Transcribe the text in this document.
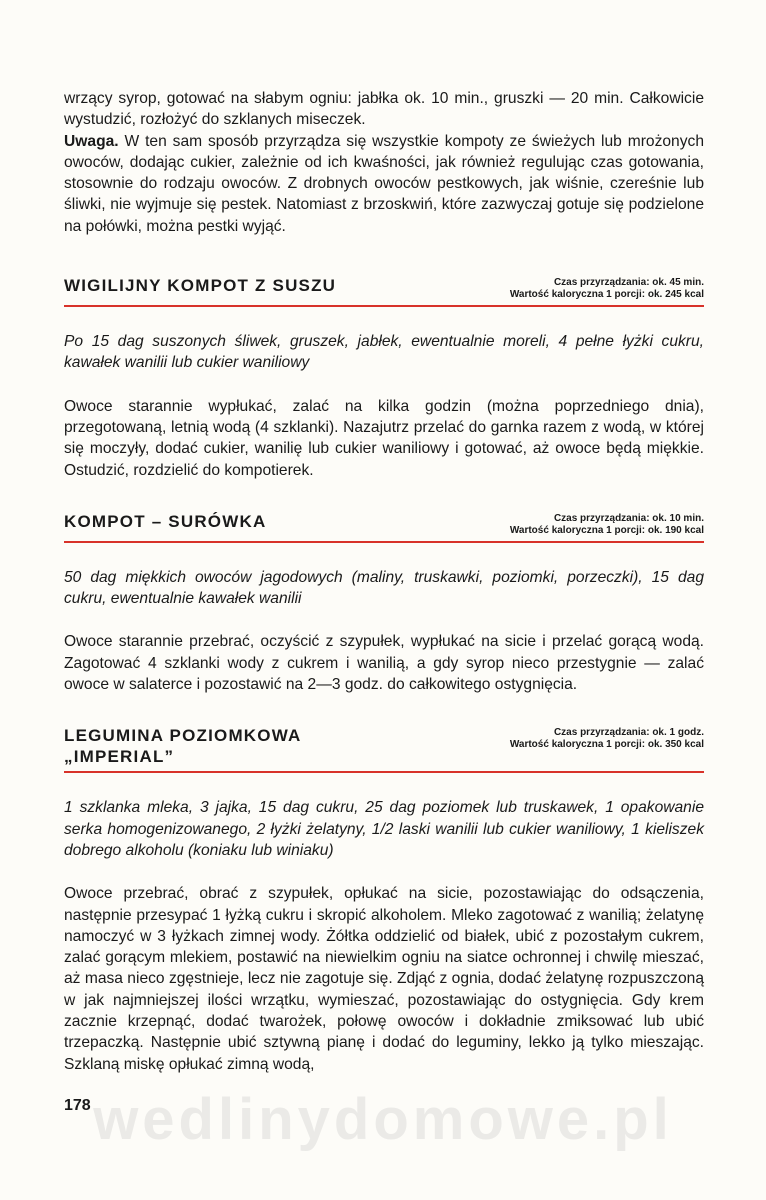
wedlinydomowe.pl

wrzący syrop, gotować na słabym ogniu: jabłka ok. 10 min., gruszki — 20 min. Całkowicie wystudzić, rozłożyć do szklanych miseczek.

Uwaga. W ten sam sposób przyrządza się wszystkie kompoty ze świeżych lub mrożonych owoców, dodając cukier, zależnie od ich kwaśności, jak również regulując czas gotowania, stosownie do rodzaju owoców. Z drobnych owoców pestkowych, jak wiśnie, czereśnie lub śliwki, nie wyjmuje się pestek. Natomiast z brzoskwiń, które zazwyczaj gotuje się podzielone na połówki, można pestki wyjąć.

WIGILIJNY KOMPOT Z SUSZU	Czas przyrządzania: ok. 45 min.
Wartość kaloryczna 1 porcji: ok. 245 kcal

Po 15 dag suszonych śliwek, gruszek, jabłek, ewentualnie moreli, 4 pełne łyżki cukru, kawałek wanilii lub cukier waniliowy

Owoce starannie wypłukać, zalać na kilka godzin (można poprzedniego dnia), przegotowaną, letnią wodą (4 szklanki). Nazajutrz przelać do garnka razem z wodą, w której się moczyły, dodać cukier, wanilię lub cukier waniliowy i gotować, aż owoce będą miękkie. Ostudzić, rozdzielić do kompotierek.

KOMPOT – SURÓWKA	Czas przyrządzania: ok. 10 min.
Wartość kaloryczna 1 porcji: ok. 190 kcal

50 dag miękkich owoców jagodowych (maliny, truskawki, poziomki, porzeczki), 15 dag cukru, ewentualnie kawałek wanilii

Owoce starannie przebrać, oczyścić z szypułek, wypłukać na sicie i przelać gorącą wodą. Zagotować 4 szklanki wody z cukrem i wanilią, a gdy syrop nieco przestygnie — zalać owoce w salaterce i pozostawić na 2—3 godz. do całkowitego ostygnięcia.

LEGUMINA POZIOMKOWA „IMPERIAL”
Czas przyrządzania: ok. 1 godz.
Wartość kaloryczna 1 porcji: ok. 350 kcal

1 szklanka mleka, 3 jajka, 15 dag cukru, 25 dag poziomek lub truskawek, 1 opakowanie serka homogenizowanego, 2 łyżki żelatyny, 1/2 laski wanilii lub cukier waniliowy, 1 kieliszek dobrego alkoholu (koniaku lub winiaku)

Owoce przebrać, obrać z szypułek, opłukać na sicie, pozostawiając do odsączenia, następnie przesypać 1 łyżką cukru i skropić alkoholem. Mleko zagotować z wanilią; żelatynę namoczyć w 3 łyżkach zimnej wody. Żółtka oddzielić od białek, ubić z pozostałym cukrem, zalać gorącym mlekiem, postawić na niewielkim ogniu na siatce ochronnej i chwilę mieszać, aż masa nieco zgęstnieje, lecz nie zagotuje się. Zdjąć z ognia, dodać żelatynę rozpuszczoną w jak najmniejszej ilości wrzątku, wymieszać, pozostawiając do ostygnięcia. Gdy krem zacznie krzepnąć, dodać twarożek, połowę owoców i dokładnie zmiksować lub ubić trzepaczką. Następnie ubić sztywną pianę i dodać do leguminy, lekko ją tylko mieszając. Szklaną miskę opłukać zimną wodą,

178
